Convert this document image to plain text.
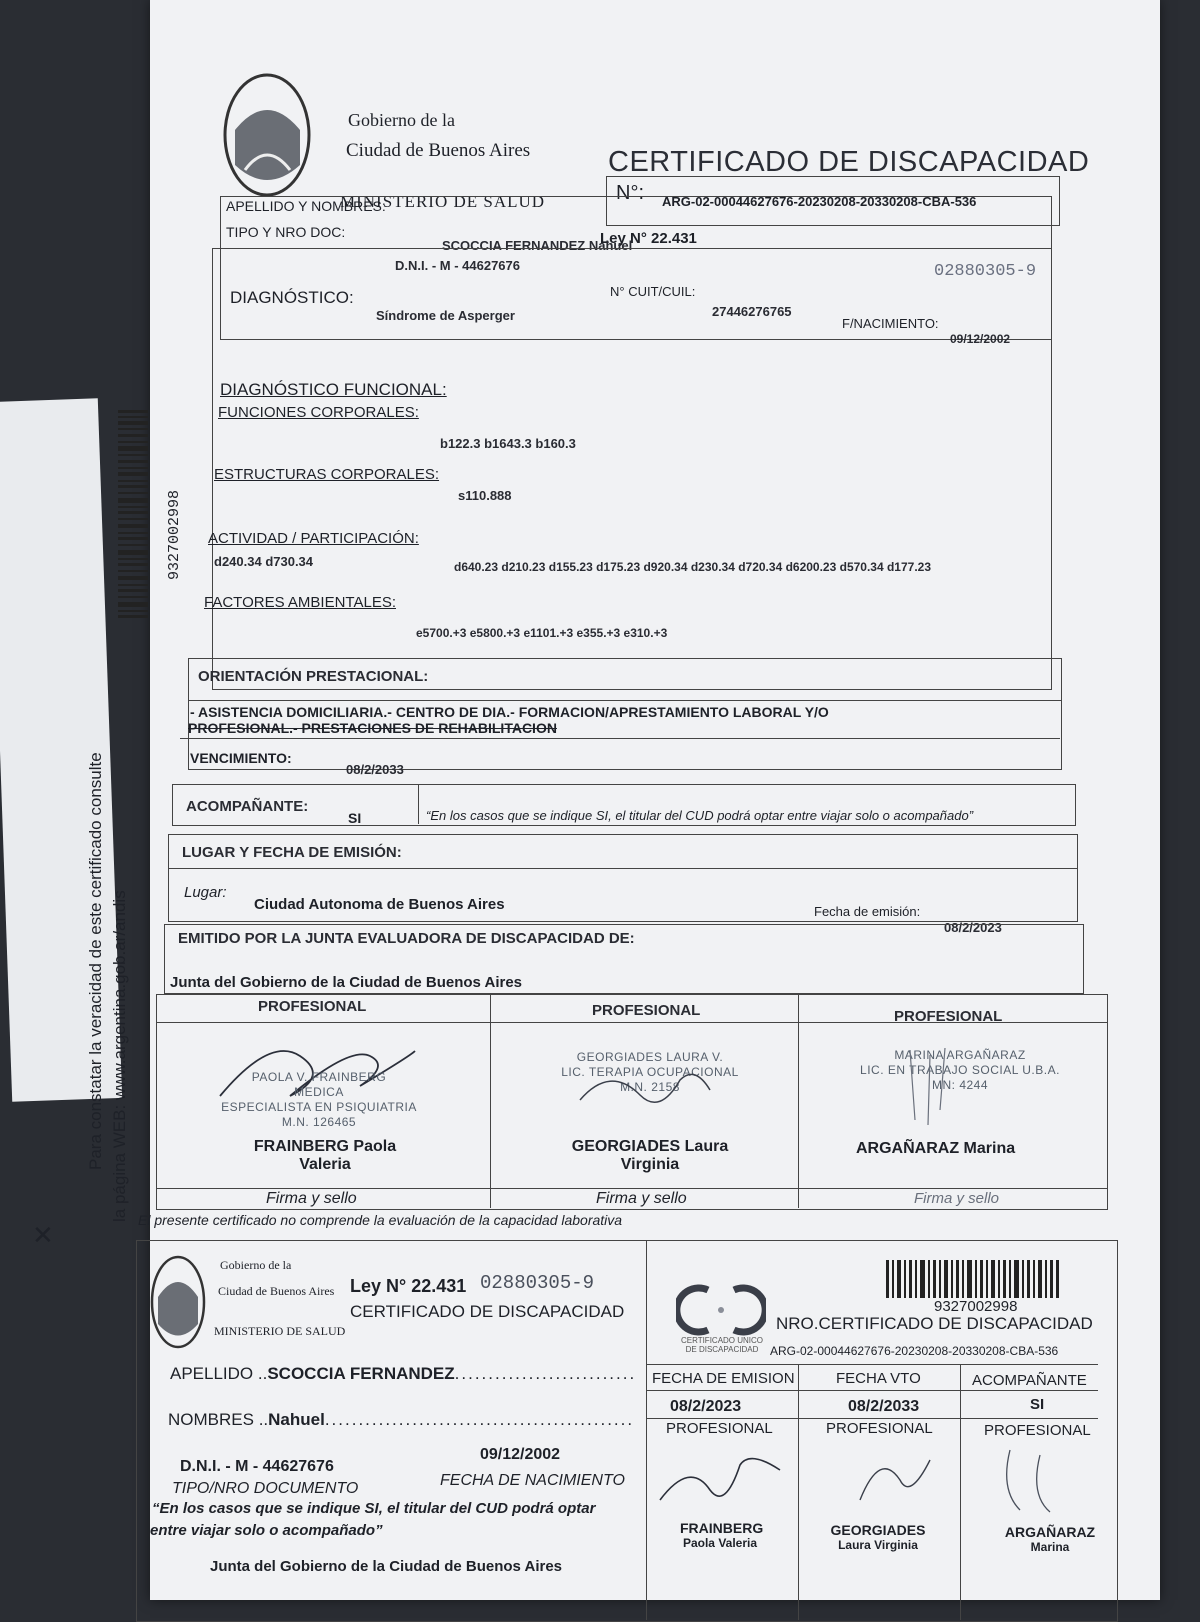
Gobierno de la
Ciudad de Buenos Aires
MINISTERIO DE SALUD
CERTIFICADO DE DISCAPACIDAD
N°: ARG-02-00044627676-20230208-20330208-CBA-536
Ley N° 22.431
02880305-9
APELLIDO Y NOMBRES:
SCOCCIA FERNANDEZ Nahuel
TIPO Y NRO DOC:
D.N.I. - M - 44627676
N° CUIT/CUIL:
27446276765
F/NACIMIENTO:
09/12/2002
DIAGNÓSTICO:
Síndrome de Asperger
DIAGNÓSTICO FUNCIONAL:
FUNCIONES CORPORALES:
b122.3 b1643.3 b160.3
ESTRUCTURAS CORPORALES:
s110.888
ACTIVIDAD / PARTICIPACIÓN:
d640.23 d210.23 d155.23 d175.23 d920.34 d230.34 d720.34 d6200.23 d570.34 d177.23
d240.34 d730.34
FACTORES AMBIENTALES:
e5700.+3 e5800.+3 e1101.+3 e355.+3 e310.+3
9327002998
Para constatar la veracidad de este certificado consulte la página WEB: www.argentina.gob.ar/andis
ORIENTACIÓN PRESTACIONAL:
- ASISTENCIA DOMICILIARIA.- CENTRO DE DIA.- FORMACION/APRESTAMIENTO LABORAL Y/O
PROFESIONAL.- PRESTACIONES DE REHABILITACION
VENCIMIENTO:
08/2/2033
ACOMPAÑANTE:
SI	“En los casos que se indique SI, el titular del CUD podrá optar entre viajar solo o acompañado”
LUGAR Y FECHA DE EMISIÓN:
Lugar:
Ciudad Autonoma de Buenos Aires	Fecha de emisión:
08/2/2023
EMITIDO POR LA JUNTA EVALUADORA DE DISCAPACIDAD DE:
Junta del Gobierno de la Ciudad de Buenos Aires
PROFESIONAL
PAOLA V. FRAINBERG
MEDICA
ESPECIALISTA EN PSIQUIATRIA
M.N. 126465
FRAINBERG Paola
Valeria
Firma y sello
PROFESIONAL
GEORGIADES LAURA V.
LIC. TERAPIA OCUPACIONAL
M.N. 2158
GEORGIADES Laura
Virginia
Firma y sello
PROFESIONAL
MARINA ARGAÑARAZ
LIC. EN TRABAJO SOCIAL U.B.A.
MN: 4244
ARGAÑARAZ Marina
Firma y sello
El presente certificado no comprende la evaluación de la capacidad laborativa
✕
Gobierno de la
Ciudad de Buenos Aires
MINISTERIO DE SALUD
Ley N° 22.431 02880305-9
CERTIFICADO DE DISCAPACIDAD
APELLIDO ..SCOCCIA FERNANDEZ...........................
NOMBRES ..Nahuel..............................................
D.N.I. - M - 44627676
09/12/2002
TIPO/NRO DOCUMENTO	FECHA DE NACIMIENTO
“En los casos que se indique SI, el titular del CUD podrá optar
entre viajar solo o acompañado”
Junta del Gobierno de la Ciudad de Buenos Aires
CERTIFICADO UNICO
DE DISCAPACIDAD
9327002998
NRO.CERTIFICADO DE DISCAPACIDAD
ARG-02-00044627676-20230208-20330208-CBA-536
FECHA DE EMISION
08/2/2023
FECHA VTO
08/2/2033
ACOMPAÑANTE
SI
PROFESIONAL	PROFESIONAL	PROFESIONAL
FRAINBERG
Paola Valeria
GEORGIADES
Laura Virginia
ARGAÑARAZ
Marina
